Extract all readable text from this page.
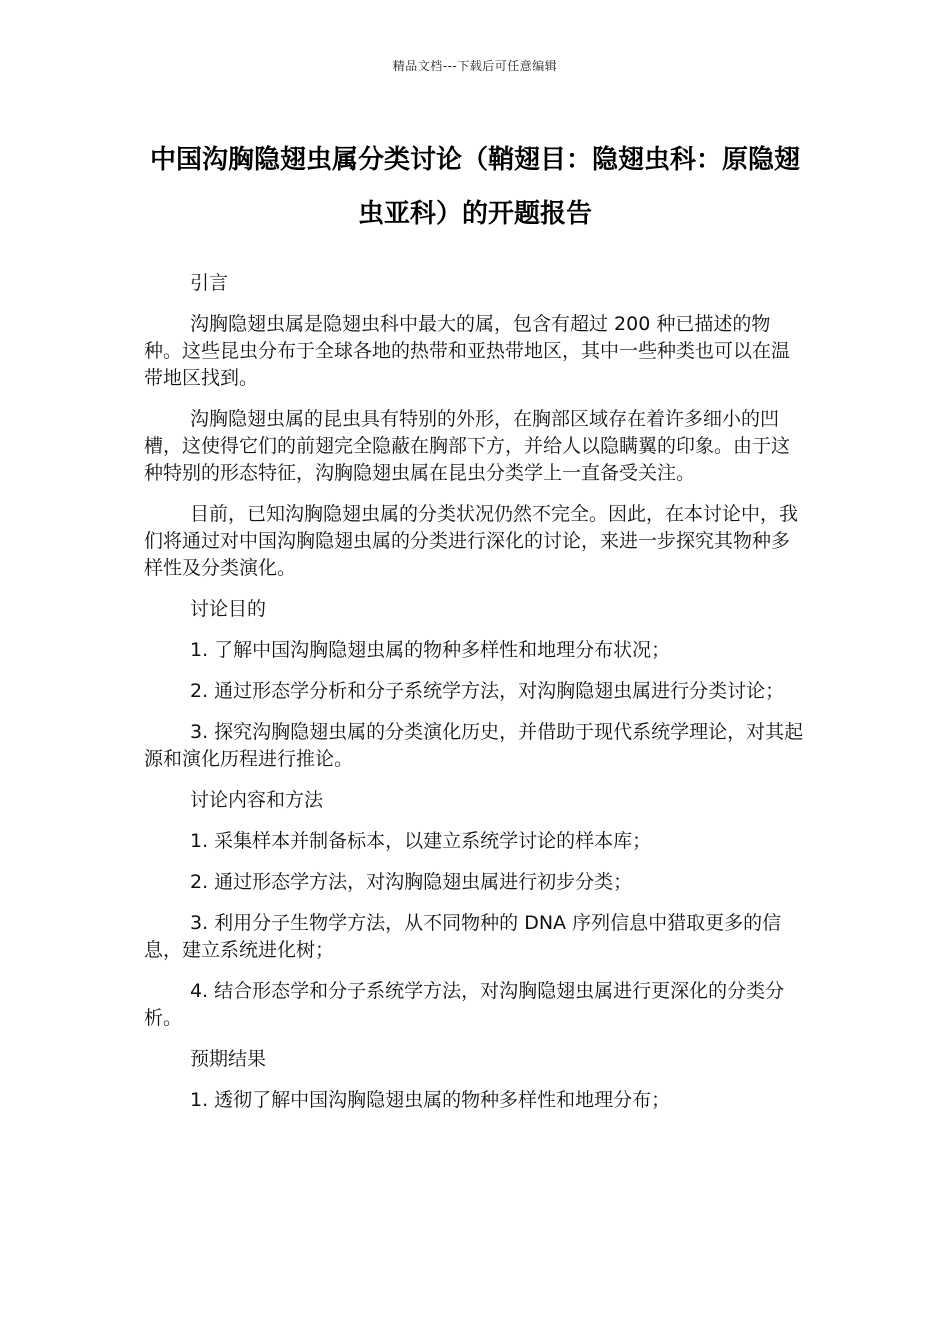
精品文档---下载后可任意编辑
中国沟胸隐翅虫属分类讨论（鞘翅目：隐翅虫科：原隐翅虫亚科）的开题报告

引言

沟胸隐翅虫属是隐翅虫科中最大的属，包含有超过 200 种已描述的物种。这些昆虫分布于全球各地的热带和亚热带地区，其中一些种类也可以在温带地区找到。

沟胸隐翅虫属的昆虫具有特别的外形，在胸部区域存在着许多细小的凹槽，这使得它们的前翅完全隐蔽在胸部下方，并给人以隐瞒翼的印象。由于这种特别的形态特征，沟胸隐翅虫属在昆虫分类学上一直备受关注。

目前，已知沟胸隐翅虫属的分类状况仍然不完全。因此，在本讨论中，我们将通过对中国沟胸隐翅虫属的分类进行深化的讨论，来进一步探究其物种多样性及分类演化。

讨论目的

1. 了解中国沟胸隐翅虫属的物种多样性和地理分布状况；

2. 通过形态学分析和分子系统学方法，对沟胸隐翅虫属进行分类讨论；

3. 探究沟胸隐翅虫属的分类演化历史，并借助于现代系统学理论，对其起源和演化历程进行推论。

讨论内容和方法

1. 采集样本并制备标本，以建立系统学讨论的样本库；

2. 通过形态学方法，对沟胸隐翅虫属进行初步分类；

3. 利用分子生物学方法，从不同物种的 DNA 序列信息中猎取更多的信息，建立系统进化树；

4. 结合形态学和分子系统学方法，对沟胸隐翅虫属进行更深化的分类分析。

预期结果

1. 透彻了解中国沟胸隐翅虫属的物种多样性和地理分布；
